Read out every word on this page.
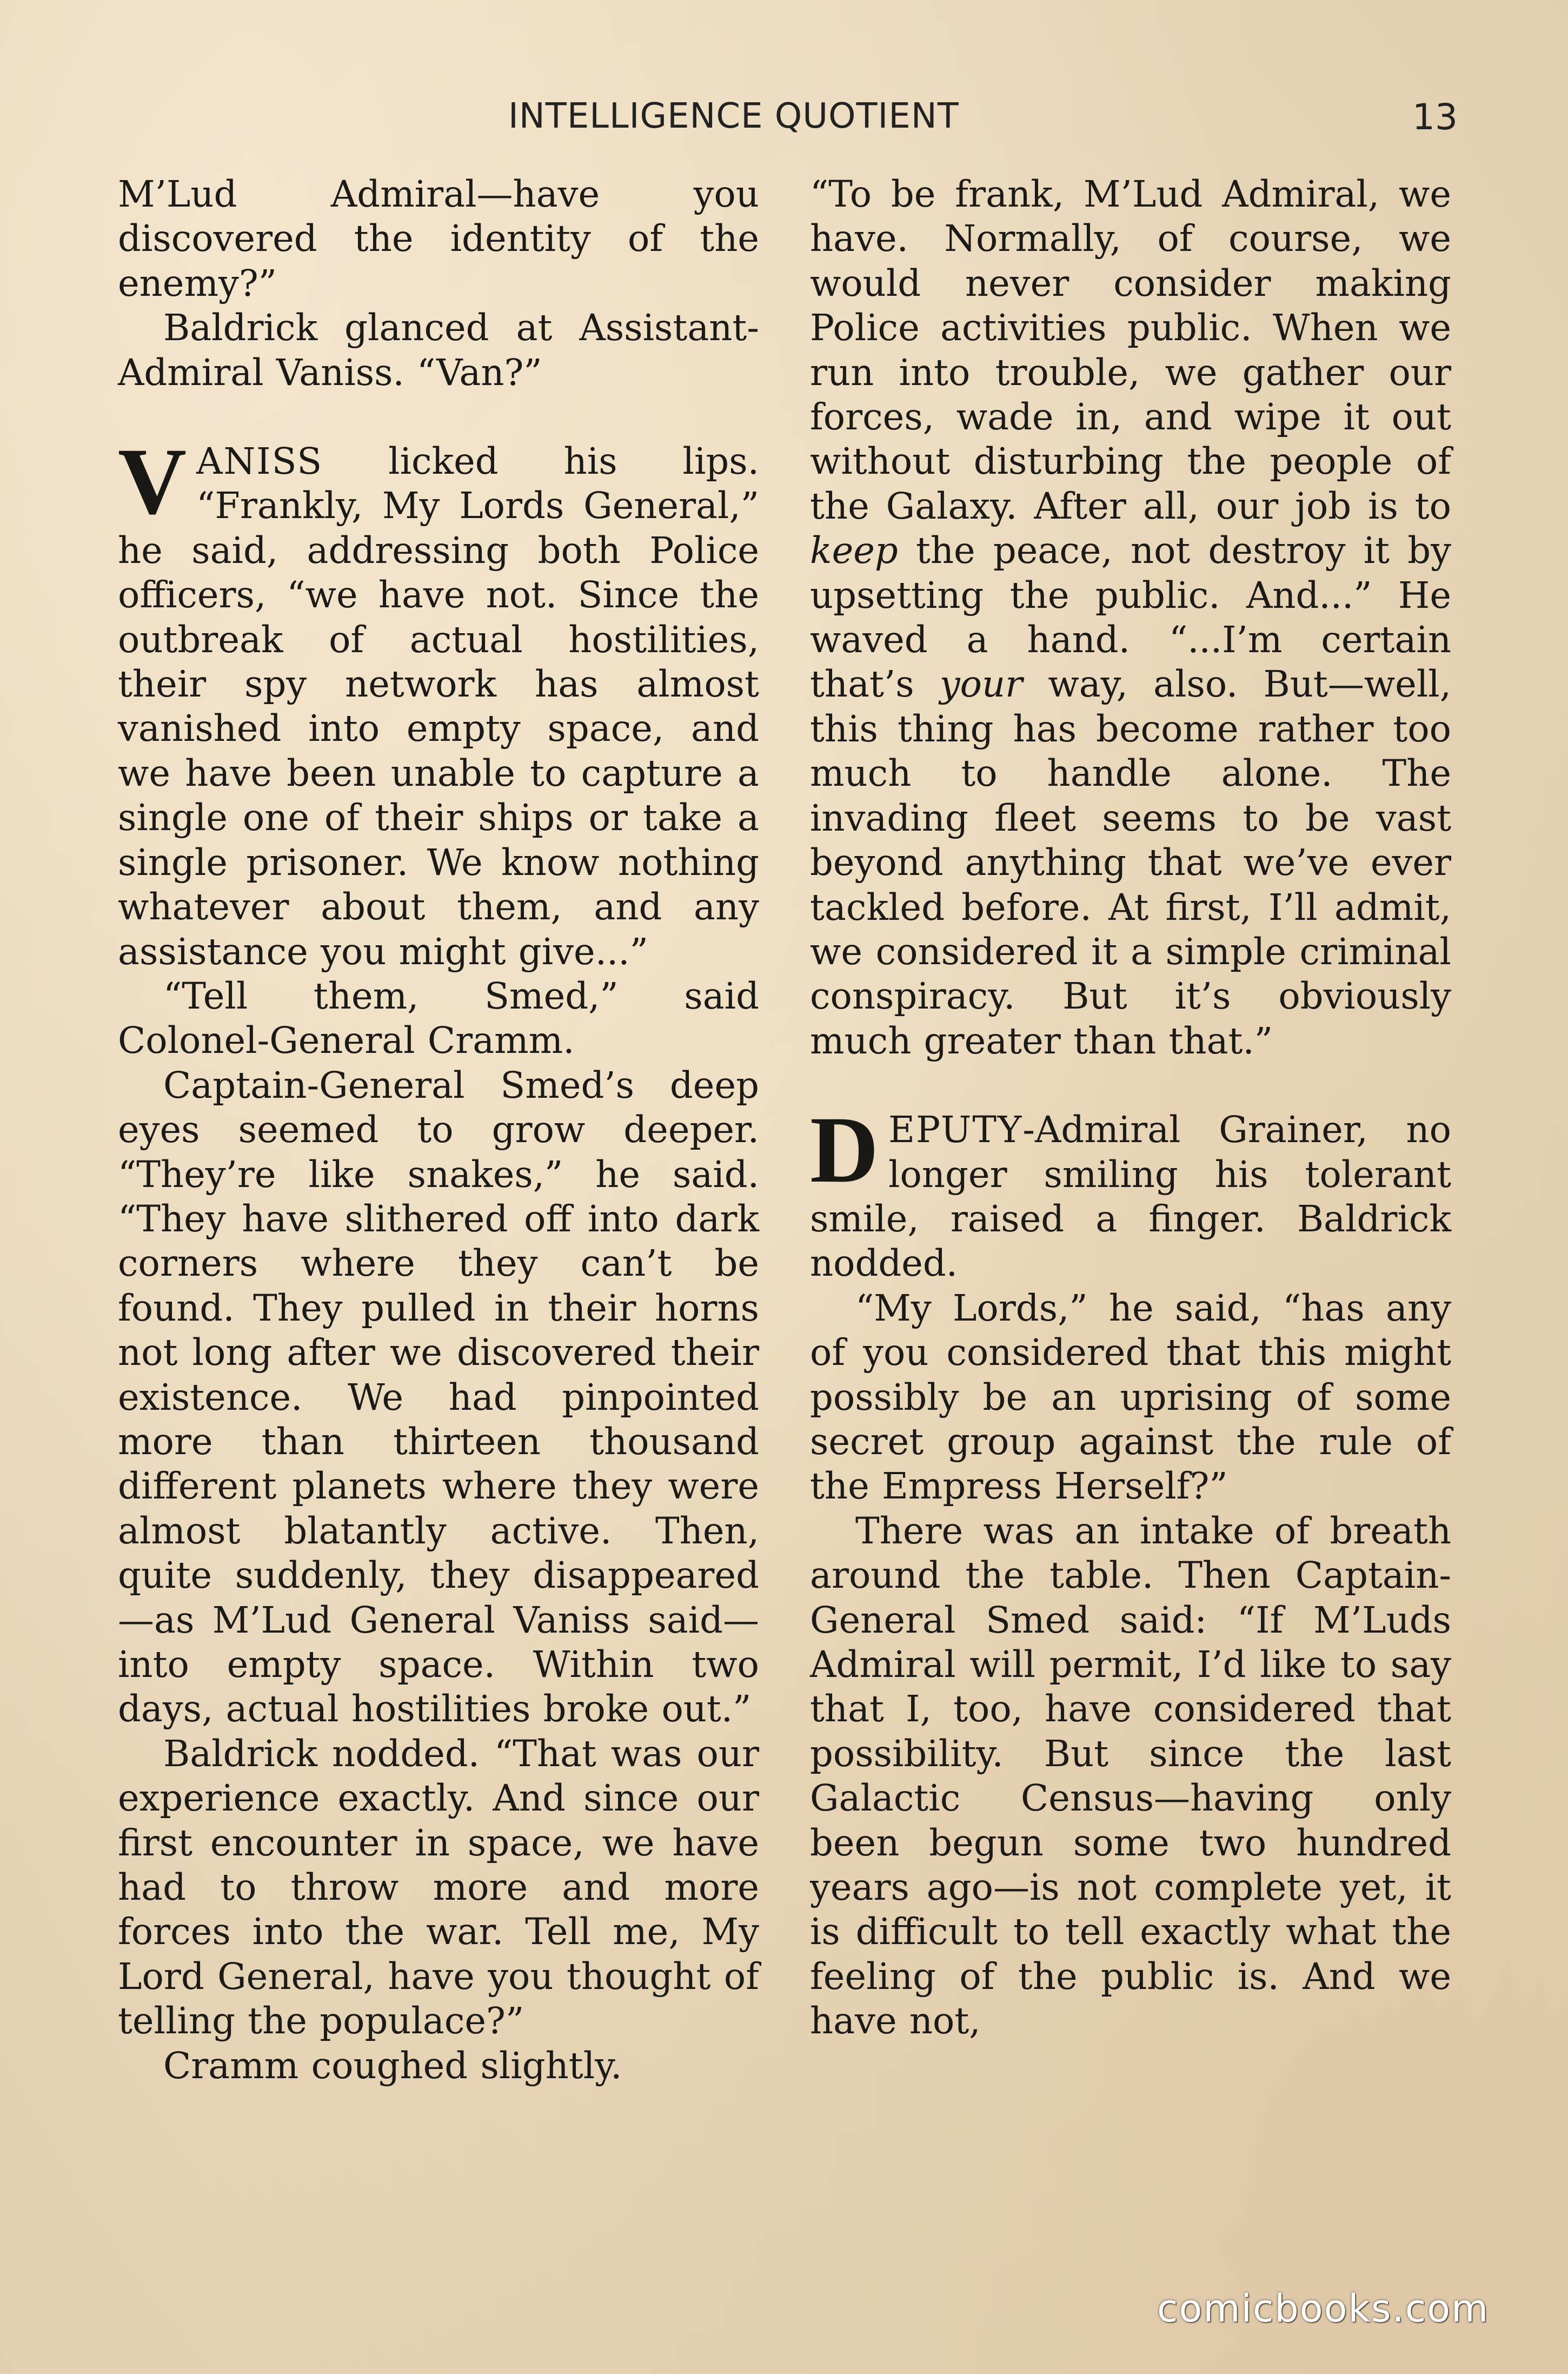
INTELLIGENCE QUOTIENT	13

M’Lud Admiral—have you discovered the identity of the enemy?”

Baldrick glanced at Assistant-Admiral Vaniss. “Van?”

VANISS licked his lips. “Frankly, My Lords General,” he said, addressing both Police officers, “we have not. Since the outbreak of actual hostilities, their spy network has almost vanished into empty space, and we have been unable to capture a single one of their ships or take a single prisoner. We know nothing whatever about them, and any assistance you might give...”

“Tell them, Smed,” said Colonel-General Cramm.

Captain-General Smed’s deep eyes seemed to grow deeper. “They’re like snakes,” he said. “They have slithered off into dark corners where they can’t be found. They pulled in their horns not long after we discovered their existence. We had pinpointed more than thirteen thousand different planets where they were almost blatantly active. Then, quite suddenly, they disappeared—as M’Lud General Vaniss said—into empty space. Within two days, actual hostilities broke out.”

Baldrick nodded. “That was our experience exactly. And since our first encounter in space, we have had to throw more and more forces into the war. Tell me, My Lord General, have you thought of telling the populace?”

Cramm coughed slightly.

“To be frank, M’Lud Admiral, we have. Normally, of course, we would never consider making Police activities public. When we run into trouble, we gather our forces, wade in, and wipe it out without disturbing the people of the Galaxy. After all, our job is to keep the peace, not destroy it by upsetting the public. And...” He waved a hand. “...I’m certain that’s your way, also. But—well, this thing has become rather too much to handle alone. The invading fleet seems to be vast beyond anything that we’ve ever tackled before. At first, I’ll admit, we considered it a simple criminal conspiracy. But it’s obviously much greater than that.”

DEPUTY-Admiral Grainer, no longer smiling his tolerant smile, raised a finger. Baldrick nodded.

“My Lords,” he said, “has any of you considered that this might possibly be an uprising of some secret group against the rule of the Empress Herself?”

There was an intake of breath around the table. Then Captain-General Smed said: “If M’Luds Admiral will permit, I’d like to say that I, too, have considered that possibility. But since the last Galactic Census—having only been begun some two hundred years ago—is not complete yet, it is difficult to tell exactly what the feeling of the public is. And we have not,

comicbooks.com
